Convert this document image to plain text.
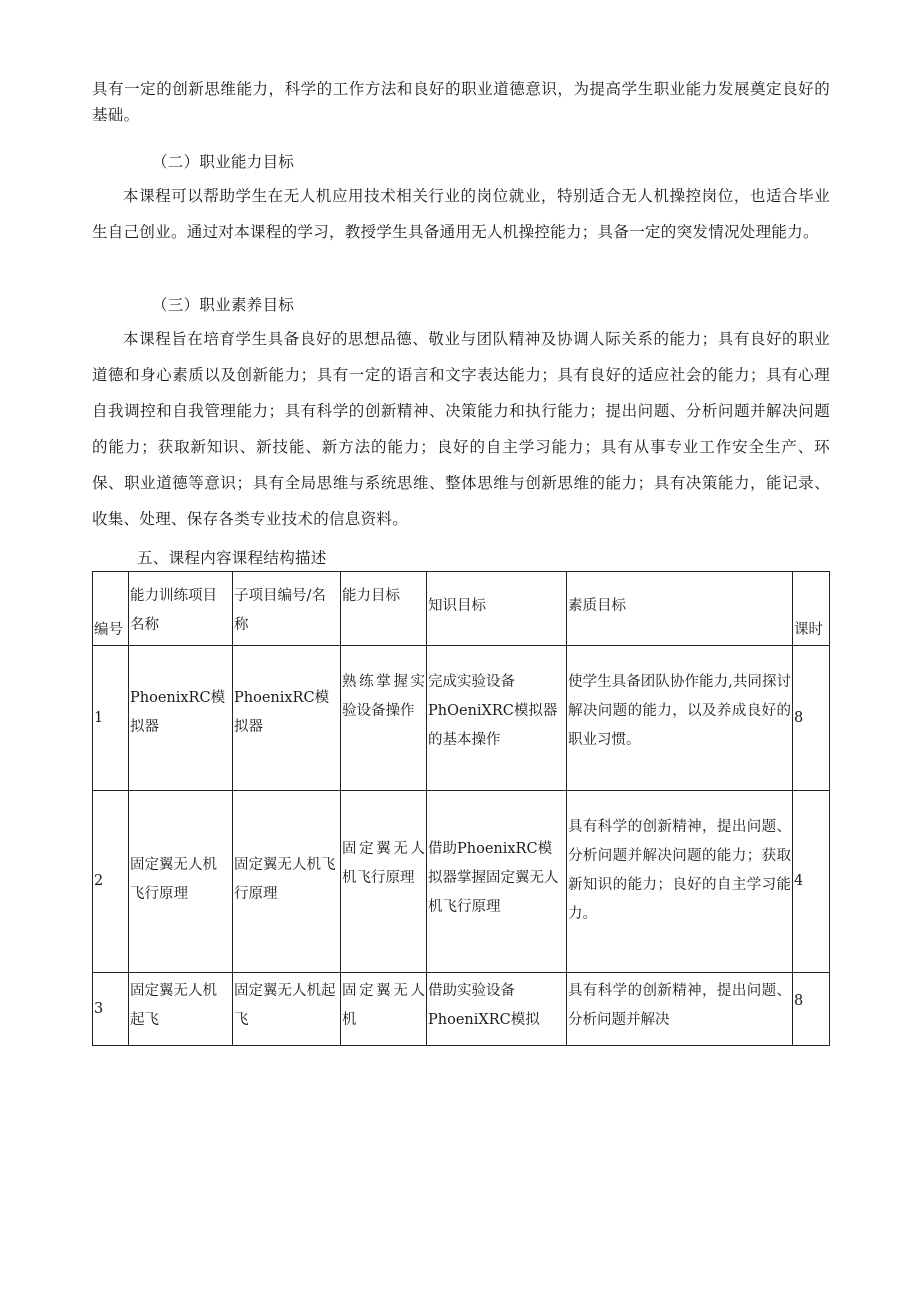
具有一定的创新思维能力，科学的工作方法和良好的职业道德意识，为提高学生职业能力发展奠定良好的基础。

（二）职业能力目标

本课程可以帮助学生在无人机应用技术相关行业的岗位就业，特别适合无人机操控岗位，也适合毕业生自己创业。通过对本课程的学习，教授学生具备通用无人机操控能力；具备一定的突发情况处理能力。

（三）职业素养目标

本课程旨在培育学生具备良好的思想品德、敬业与团队精神及协调人际关系的能力；具有良好的职业道德和身心素质以及创新能力；具有一定的语言和文字表达能力；具有良好的适应社会的能力；具有心理自我调控和自我管理能力；具有科学的创新精神、决策能力和执行能力；提出问题、分析问题并解决问题的能力；获取新知识、新技能、新方法的能力；良好的自主学习能力；具有从事专业工作安全生产、环保、职业道德等意识；具有全局思维与系统思维、整体思维与创新思维的能力；具有决策能力，能记录、收集、处理、保存各类专业技术的信息资料。

五、课程内容课程结构描述

编号	能力训练项目名称	子项目编号/名称	能力目标	知识目标	素质目标	课时

1	PhoenixRC模拟器	PhoenixRC模拟器	熟练掌握实验设备操作	完成实验设备PhOeniXRC模拟器的基本操作	使学生具备团队协作能力,共同探讨解决问题的能力，以及养成良好的职业习惯。	8

2	固定翼无人机飞行原理	固定翼无人机飞行原理	固定翼无人机飞行原理	借助PhoenixRC模拟器掌握固定翼无人机飞行原理	具有科学的创新精神，提出问题、分析问题并解决问题的能力；获取新知识的能力；良好的自主学习能力。	4

3	固定翼无人机起飞	固定翼无人机起飞	固定翼无人机	借助实验设备PhoeniXRC模拟	具有科学的创新精神，提出问题、分析问题并解决	8
